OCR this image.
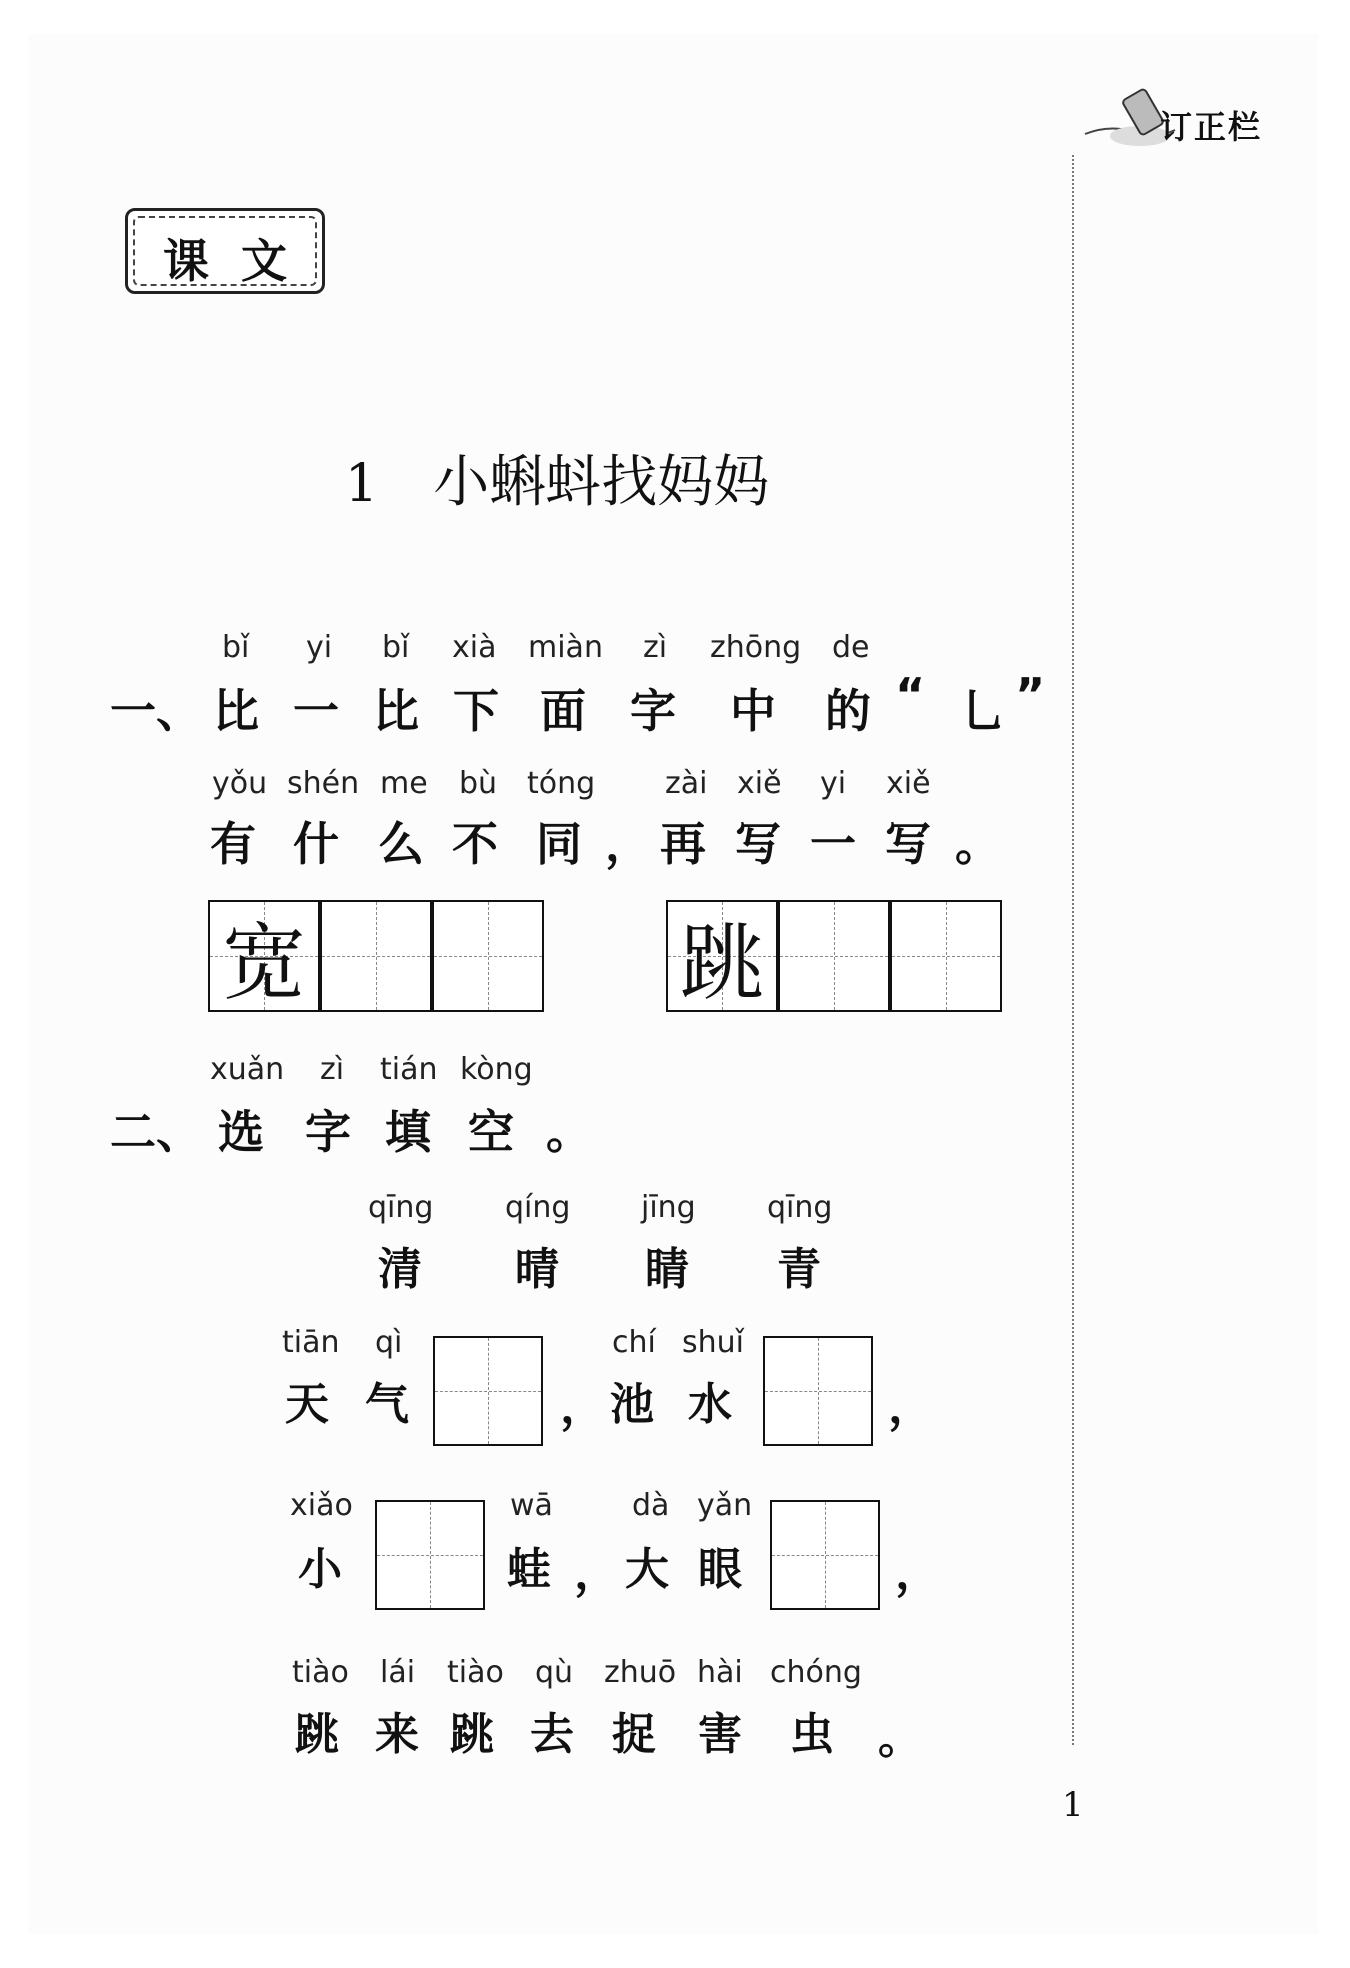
订正栏
课  文
1 小蝌蚪找妈妈
bǐ yi bǐ xià miàn zì zhōng de
一、 比 一 比 下 面 字 中 的 “ 乚 ”
yǒu shén me bù tóng zài xiě yi xiě
有 什 么 不 同 ， 再 写 一 写 。
宽	跳
xuǎn zì tián kòng
二、 选 字 填 空 。
qīng qíng jīng qīng
清 晴 睛 青
tiān qì
天 气	，
chí shuǐ
池 水	，
xiǎo
小
wā
蛙 ，
dà yǎn
大 眼	，
tiào lái tiào qù zhuō hài chóng
跳 来 跳 去 捉 害 虫 。
1
